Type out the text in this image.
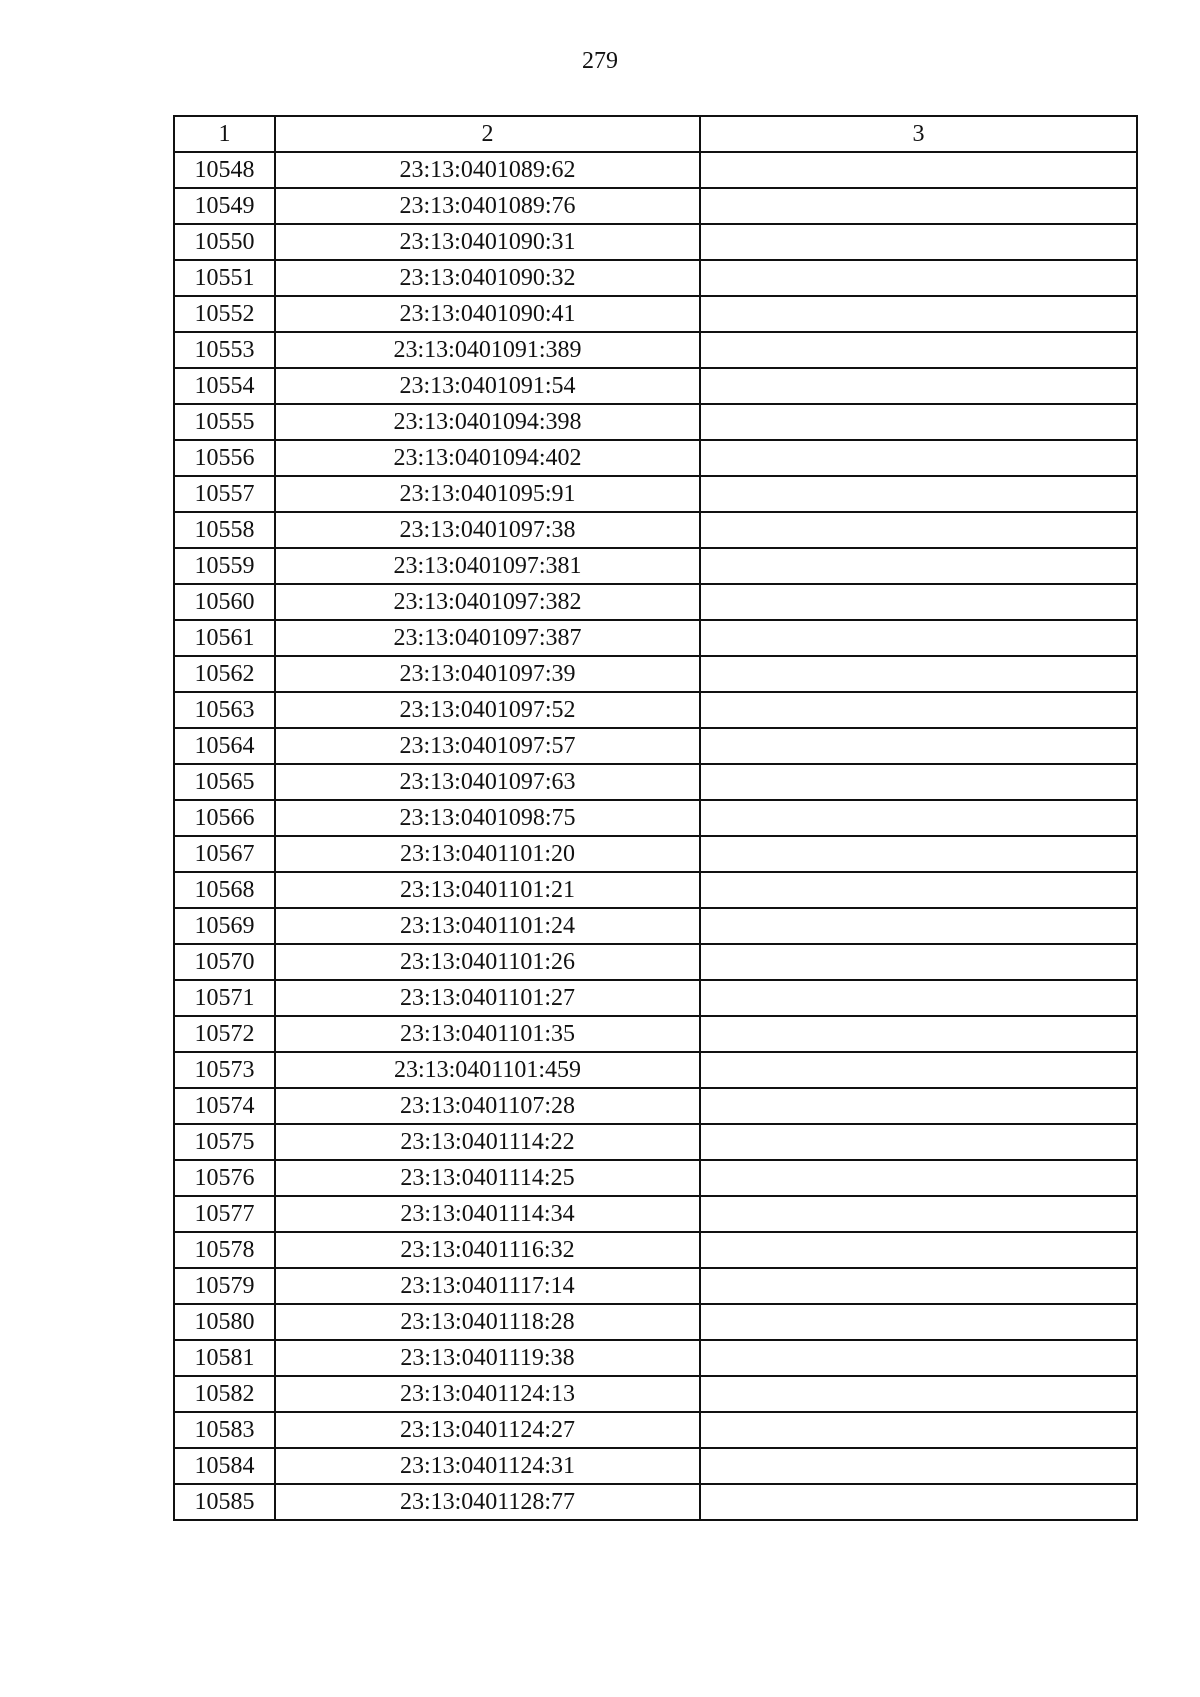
279
1	2	3
10548	23:13:0401089:62	
10549	23:13:0401089:76	
10550	23:13:0401090:31	
10551	23:13:0401090:32	
10552	23:13:0401090:41	
10553	23:13:0401091:389	
10554	23:13:0401091:54	
10555	23:13:0401094:398	
10556	23:13:0401094:402	
10557	23:13:0401095:91	
10558	23:13:0401097:38	
10559	23:13:0401097:381	
10560	23:13:0401097:382	
10561	23:13:0401097:387	
10562	23:13:0401097:39	
10563	23:13:0401097:52	
10564	23:13:0401097:57	
10565	23:13:0401097:63	
10566	23:13:0401098:75	
10567	23:13:0401101:20	
10568	23:13:0401101:21	
10569	23:13:0401101:24	
10570	23:13:0401101:26	
10571	23:13:0401101:27	
10572	23:13:0401101:35	
10573	23:13:0401101:459	
10574	23:13:0401107:28	
10575	23:13:0401114:22	
10576	23:13:0401114:25	
10577	23:13:0401114:34	
10578	23:13:0401116:32	
10579	23:13:0401117:14	
10580	23:13:0401118:28	
10581	23:13:0401119:38	
10582	23:13:0401124:13	
10583	23:13:0401124:27	
10584	23:13:0401124:31	
10585	23:13:0401128:77	
